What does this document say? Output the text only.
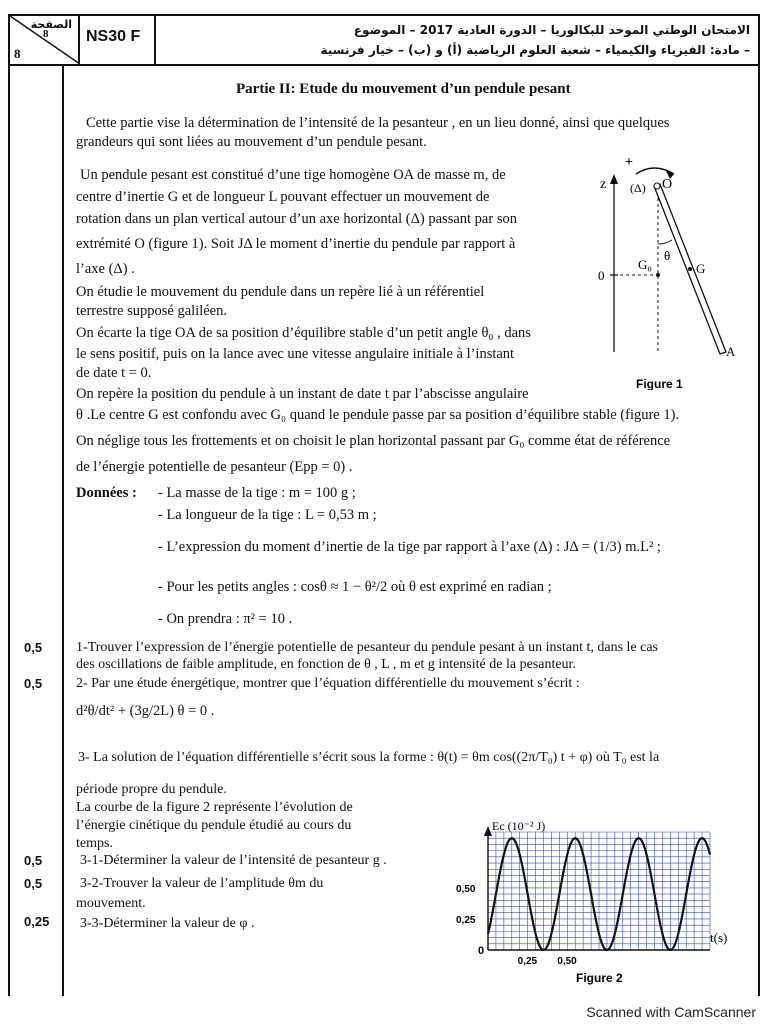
الصفحة
8
8
NS30 F	الامتحان الوطني الموحد للبكالوريا – الدورة العادية 2017 – الموضوع
– مادة: الفيزياء والكيمياء – شعبة العلوم الرياضية (أ) و (ب) – خيار فرنسية
Partie II: Etude du mouvement d’un pendule pesant
Cette partie vise la détermination de l’intensité de la pesanteur , en un lieu donné, ainsi que quelques
grandeurs qui sont liées au mouvement d’un pendule pesant.
Un pendule pesant est constitué d’une tige homogène OA de masse m, de
centre d’inertie G et de longueur L pouvant effectuer un mouvement de
rotation dans un plan vertical autour d’un axe horizontal (Δ) passant par son
extrémité O (figure 1). Soit JΔ le moment d’inertie du pendule par rapport à
l’axe (Δ) .
On étudie le mouvement du pendule dans un repère lié à un référentiel
terrestre supposé galiléen.
On écarte la tige OA de sa position d’équilibre stable d’un petit angle θ₀ , dans
le sens positif, puis on la lance avec une vitesse angulaire initiale à l’instant
de date t = 0.
On repère la position du pendule à un instant de date t par l’abscisse angulaire
θ .Le centre G est confondu avec G₀ quand le pendule passe par sa position d’équilibre stable (figure 1).
On néglige tous les frottements et on choisit le plan horizontal passant par G₀ comme état de référence
de l’énergie potentielle de pesanteur (Epp = 0) .
z
0
+
(Δ) O
θ
G₀	G
A
Figure 1
Données : - La masse de la tige : m = 100 g ;
- La longueur de la tige : L = 0,53 m ;
- L’expression du moment d’inertie de la tige par rapport à l’axe (Δ) : JΔ = (1/3) m.L² ;
- Pour les petits angles : cosθ ≈ 1 − θ²/2 où θ est exprimé en radian ;
- On prendra : π² = 10 .
0,5 1-Trouver l’expression de l’énergie potentielle de pesanteur du pendule pesant à un instant t, dans le cas
des oscillations de faible amplitude, en fonction de θ , L , m et g intensité de la pesanteur.
0,5 2- Par une étude énergétique, montrer que l’équation différentielle du mouvement s’écrit :
d²θ/dt² + (3g/2L) θ = 0 .
3- La solution de l’équation différentielle s’écrit sous la forme : θ(t) = θm cos((2π/T₀) t + φ) où T₀ est la
période propre du pendule.
La courbe de la figure 2 représente l’évolution de
l’énergie cinétique du pendule étudié au cours du
temps.
0,5	3-1-Déterminer la valeur de l’intensité de pesanteur g .
0,5	3-2-Trouver la valeur de l’amplitude θm du
mouvement.
0,25 3-3-Déterminer la valeur de φ .
Ec (10⁻² J)
t(s)
0
0,25
0,50
0,25 0,50
Figure 2
Scanned with CamScanner
